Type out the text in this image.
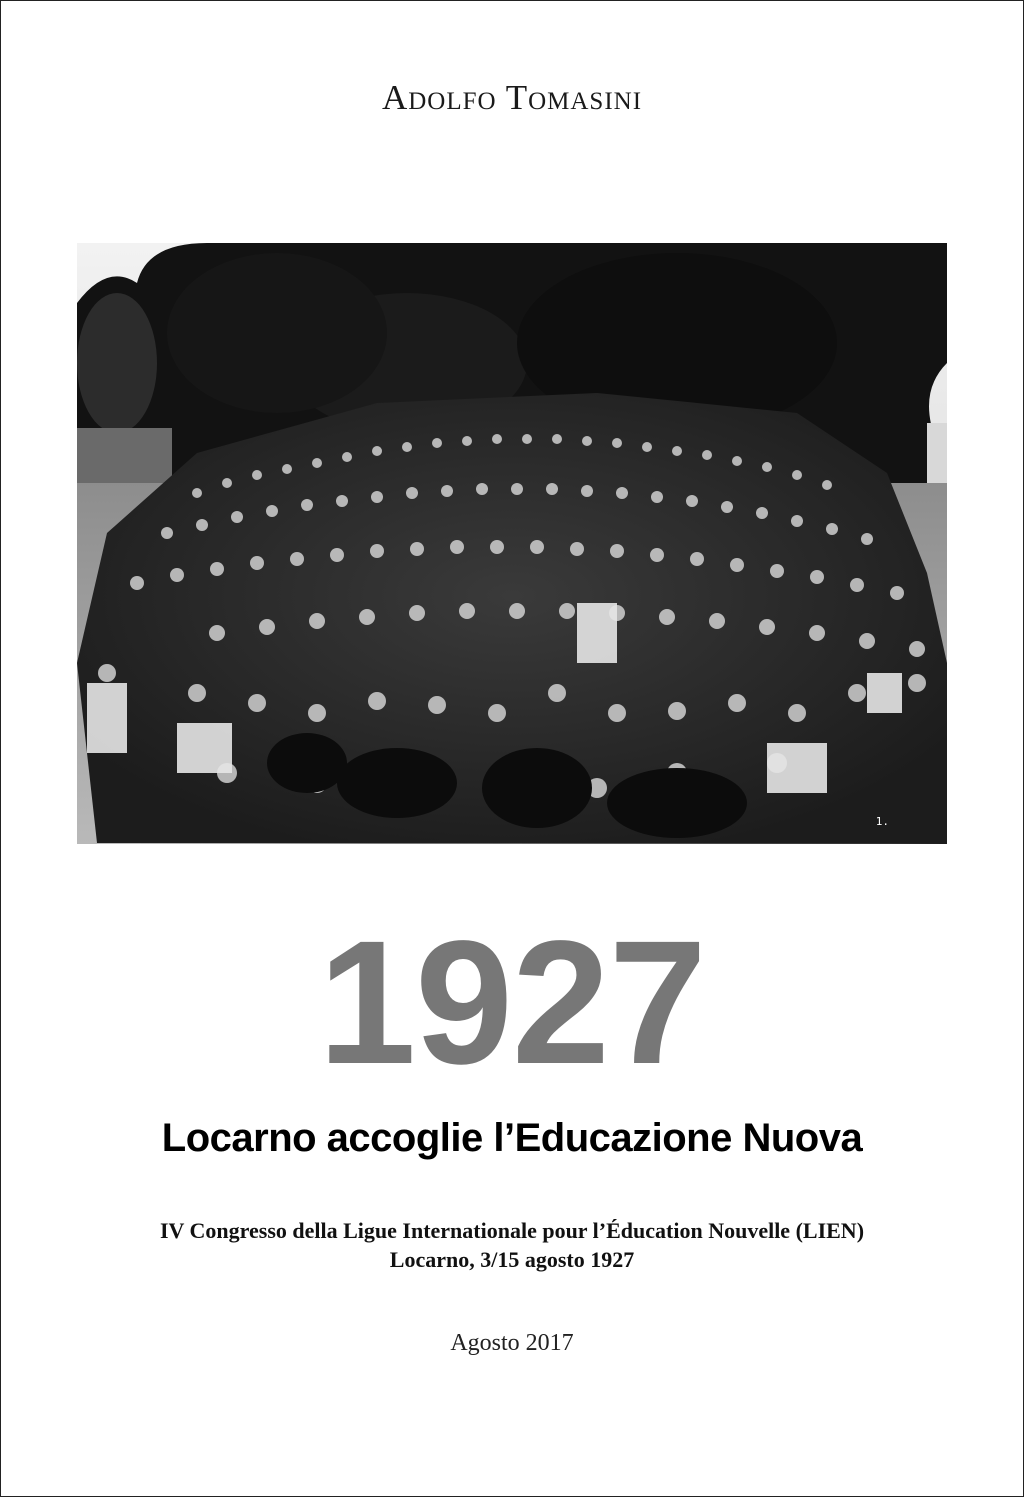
Adolfo Tomasini
1.
1927
Locarno accoglie l’Educazione Nuova
IV Congresso della Ligue Internationale pour l’Éducation Nouvelle (LIEN)
Locarno, 3/15 agosto 1927
Agosto 2017
